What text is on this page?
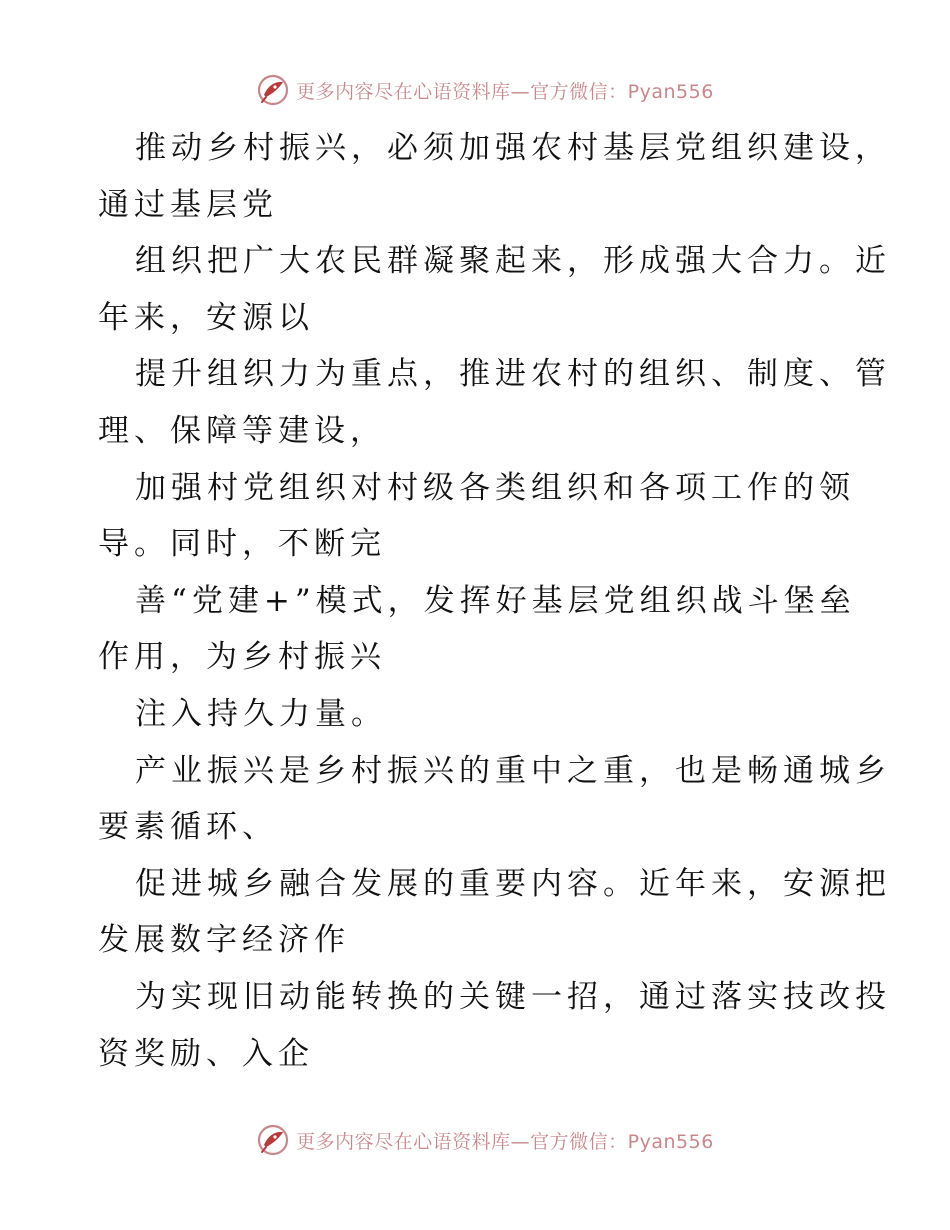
更多内容尽在心语资料库—官方微信：Pyan556
推动乡村振兴，必须加强农村基层党组织建设，
通过基层党
组织把广大农民群凝聚起来，形成强大合力。近
年来，安源以
提升组织力为重点，推进农村的组织、制度、管
理、保障等建设，
加强村党组织对村级各类组织和各项工作的领
导。同时，不断完
善“党建+”模式，发挥好基层党组织战斗堡垒
作用，为乡村振兴
注入持久力量。
产业振兴是乡村振兴的重中之重，也是畅通城乡
要素循环、
促进城乡融合发展的重要内容。近年来，安源把
发展数字经济作
为实现旧动能转换的关键一招，通过落实技改投
资奖励、入企
更多内容尽在心语资料库—官方微信：Pyan556
